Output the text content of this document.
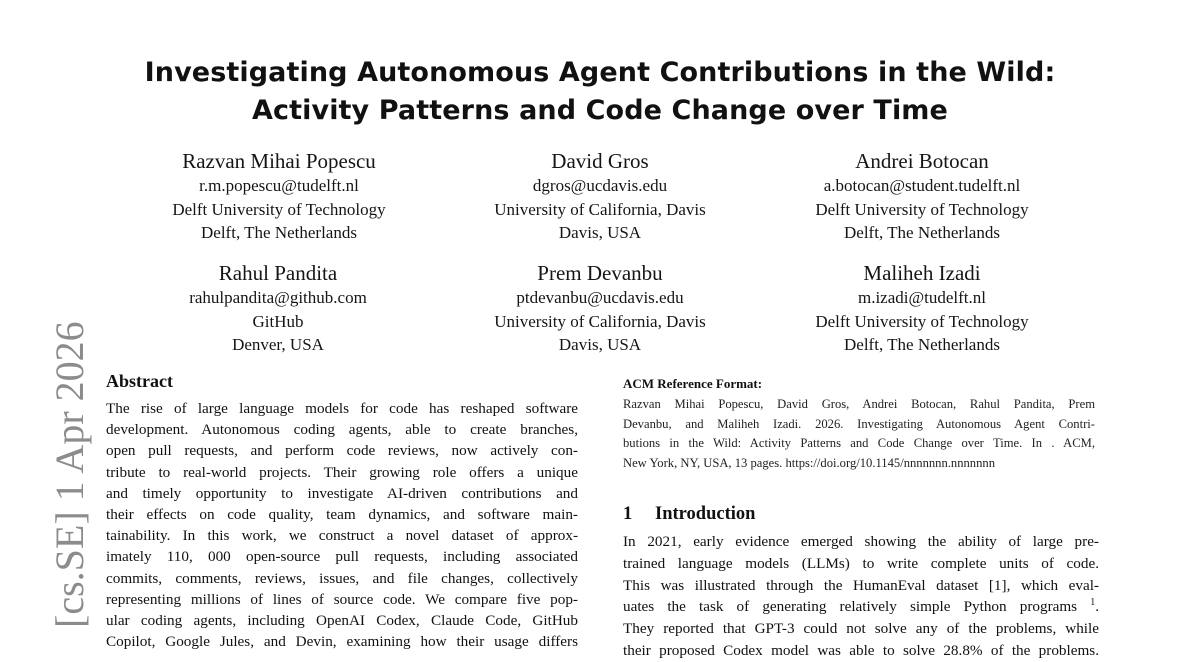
Investigating Autonomous Agent Contributions in the Wild:
Activity Patterns and Code Change over Time
Razvan Mihai Popescu
r.m.popescu@tudelft.nl
Delft University of Technology
Delft, The Netherlands
David Gros
dgros@ucdavis.edu
University of California, Davis
Davis, USA
Andrei Botocan
a.botocan@student.tudelft.nl
Delft University of Technology
Delft, The Netherlands
Rahul Pandita
rahulpandita@github.com
GitHub
Denver, USA
Prem Devanbu
ptdevanbu@ucdavis.edu
University of California, Davis
Davis, USA
Maliheh Izadi
m.izadi@tudelft.nl
Delft University of Technology
Delft, The Netherlands
[cs.SE] 1 Apr 2026 Abstract
The rise of large language models for code has reshaped software
development. Autonomous coding agents, able to create branches,
open pull requests, and perform code reviews, now actively con-
tribute to real-world projects. Their growing role offers a unique
and timely opportunity to investigate AI-driven contributions and
their effects on code quality, team dynamics, and software main-
tainability. In this work, we construct a novel dataset of approx-
imately 110, 000 open-source pull requests, including associated
commits, comments, reviews, issues, and file changes, collectively
representing millions of lines of source code. We compare five pop-
ular coding agents, including OpenAI Codex, Claude Code, GitHub
Copilot, Google Jules, and Devin, examining how their usage differs
ACM Reference Format:
Razvan Mihai Popescu, David Gros, Andrei Botocan, Rahul Pandita, Prem
Devanbu, and Maliheh Izadi. 2026. Investigating Autonomous Agent Contri-
butions in the Wild: Activity Patterns and Code Change over Time. In . ACM,
New York, NY, USA, 13 pages. https://doi.org/10.1145/nnnnnnn.nnnnnnn
1 Introduction
In 2021, early evidence emerged showing the ability of large pre-
trained language models (LLMs) to write complete units of code.
This was illustrated through the HumanEval dataset [1], which eval-
uates the task of generating relatively simple Python programs $^1$.
They reported that GPT-3 could not solve any of the problems, while
their proposed Codex model was able to solve 28.8% of the problems.
